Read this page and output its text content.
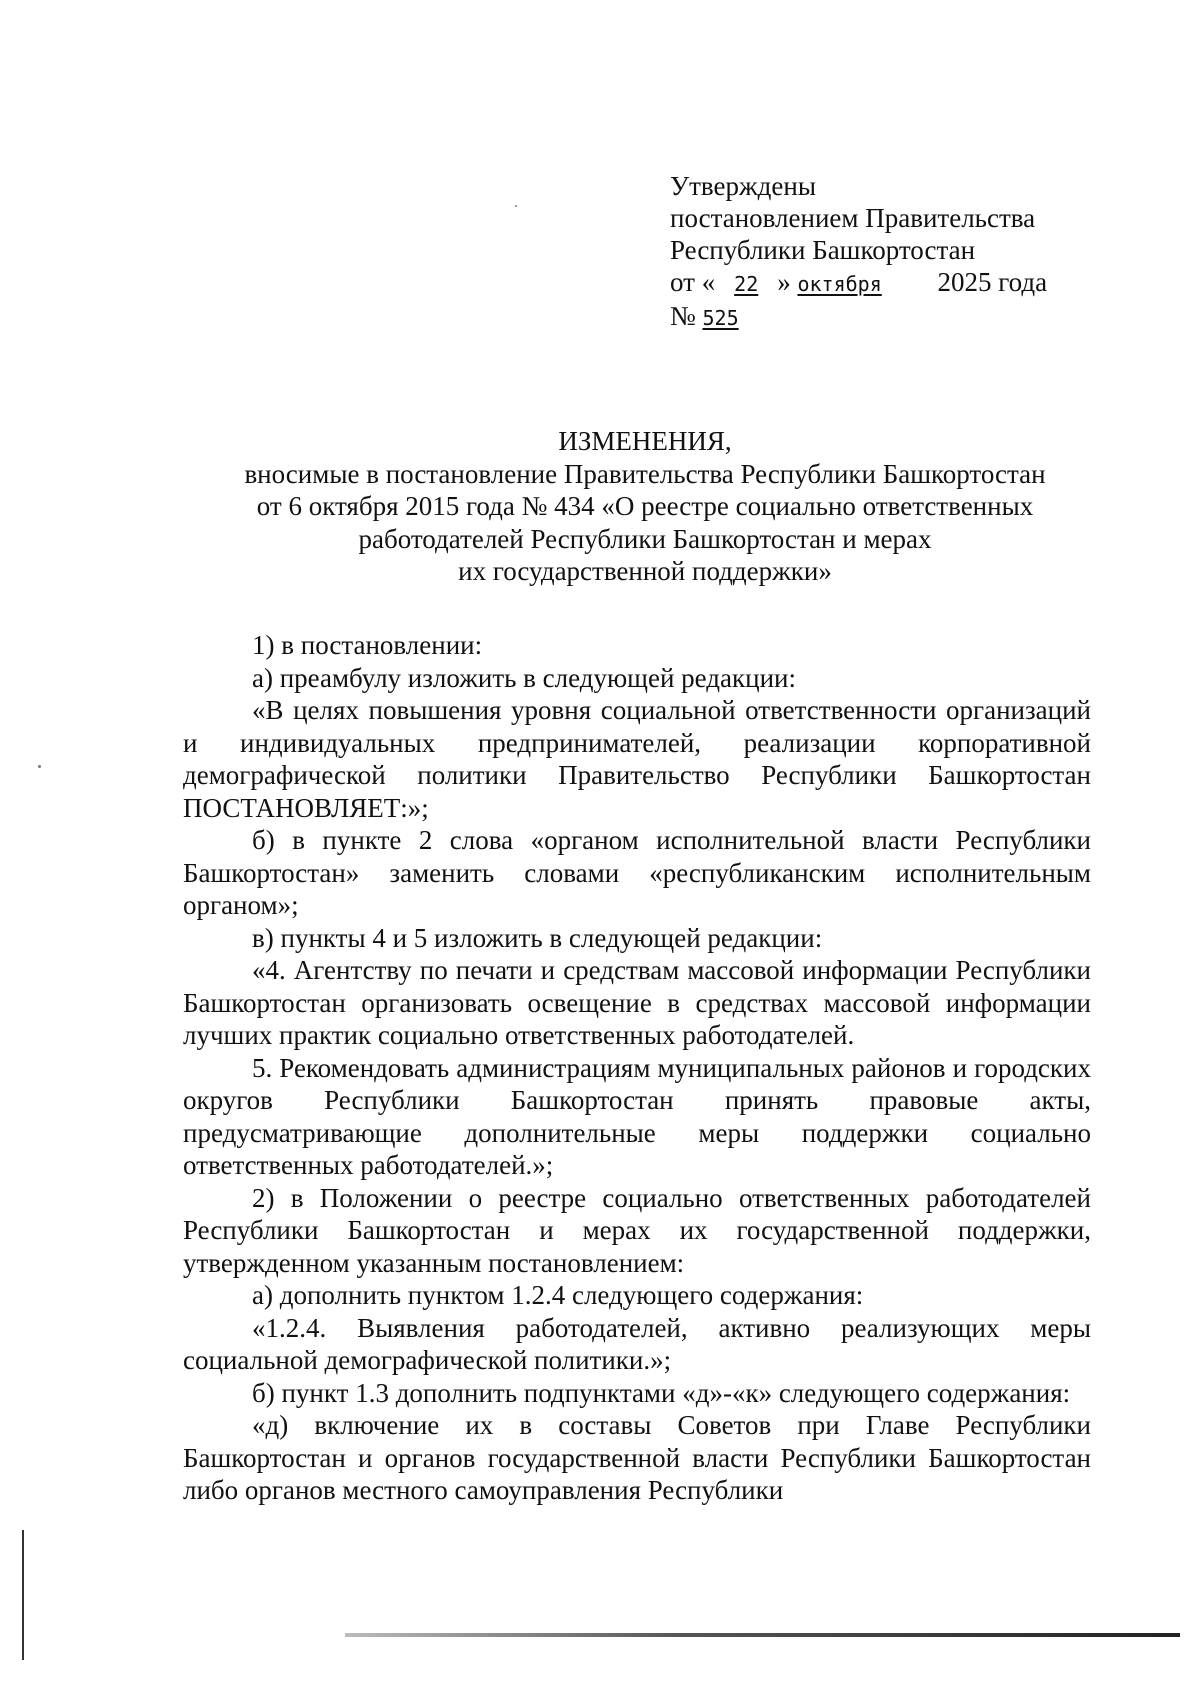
Утверждены
постановлением Правительства
Республики Башкортостан
от « 22 » октября 2025 года
№ 525
ИЗМЕНЕНИЯ,
вносимые в постановление Правительства Республики Башкортостан
от 6 октября 2015 года № 434 «О реестре социально ответственных
работодателей Республики Башкортостан и мерах
их государственной поддержки»

1) в постановлении:

а) преамбулу изложить в следующей редакции:

«В целях повышения уровня социальной ответственности организаций и индивидуальных предпринимателей, реализации корпоративной демографической политики Правительство Республики Башкортостан ПОСТАНОВЛЯЕТ:»;

б) в пункте 2 слова «органом исполнительной власти Республики Башкортостан» заменить словами «республиканским исполнительным органом»;

в) пункты 4 и 5 изложить в следующей редакции:

«4. Агентству по печати и средствам массовой информации Республики Башкортостан организовать освещение в средствах массовой информации лучших практик социально ответственных работодателей.

5. Рекомендовать администрациям муниципальных районов и городских округов Республики Башкортостан принять правовые акты, предусматривающие дополнительные меры поддержки социально ответственных работодателей.»;

2) в Положении о реестре социально ответственных работодателей Республики Башкортостан и мерах их государственной поддержки, утвержденном указанным постановлением:

а) дополнить пунктом 1.2.4 следующего содержания:

«1.2.4. Выявления работодателей, активно реализующих меры социальной демографической политики.»;

б) пункт 1.3 дополнить подпунктами «д»-«к» следующего содержания:

«д) включение их в составы Советов при Главе Республики Башкортостан и органов государственной власти Республики Башкортостан либо органов местного самоуправления Республики
